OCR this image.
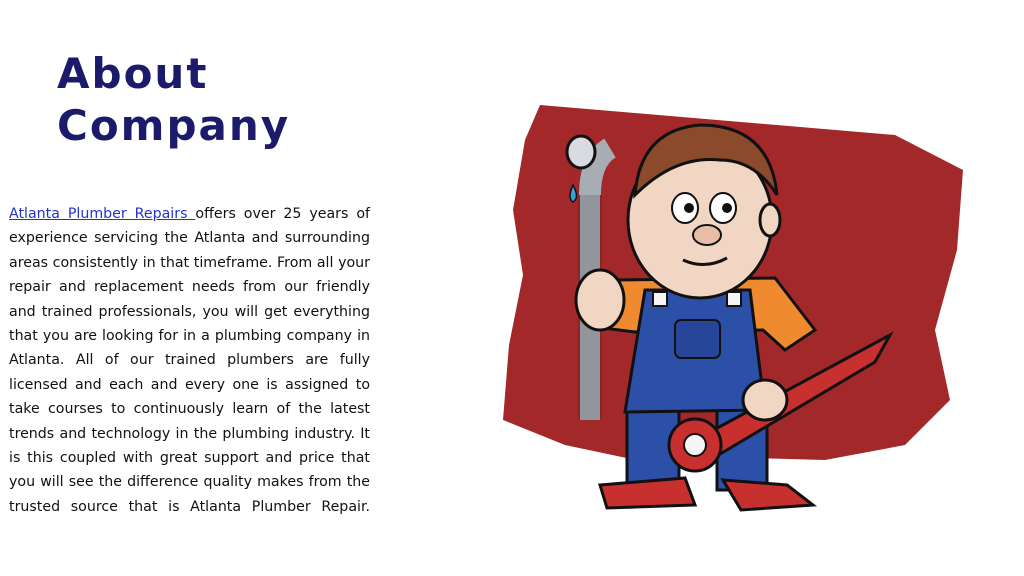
About
Company

Atlanta Plumber Repairs offers over 25 years of experience servicing the Atlanta and surrounding areas consistently in that timeframe. From all your repair and replacement needs from our friendly and trained professionals, you will get everything that you are looking for in a plumbing company in Atlanta. All of our trained plumbers are fully licensed and each and every one is assigned to take courses to continuously learn of the latest trends and technology in the plumbing industry. It is this coupled with great support and price that you will see the difference quality makes from the trusted source that is Atlanta Plumber Repair.
